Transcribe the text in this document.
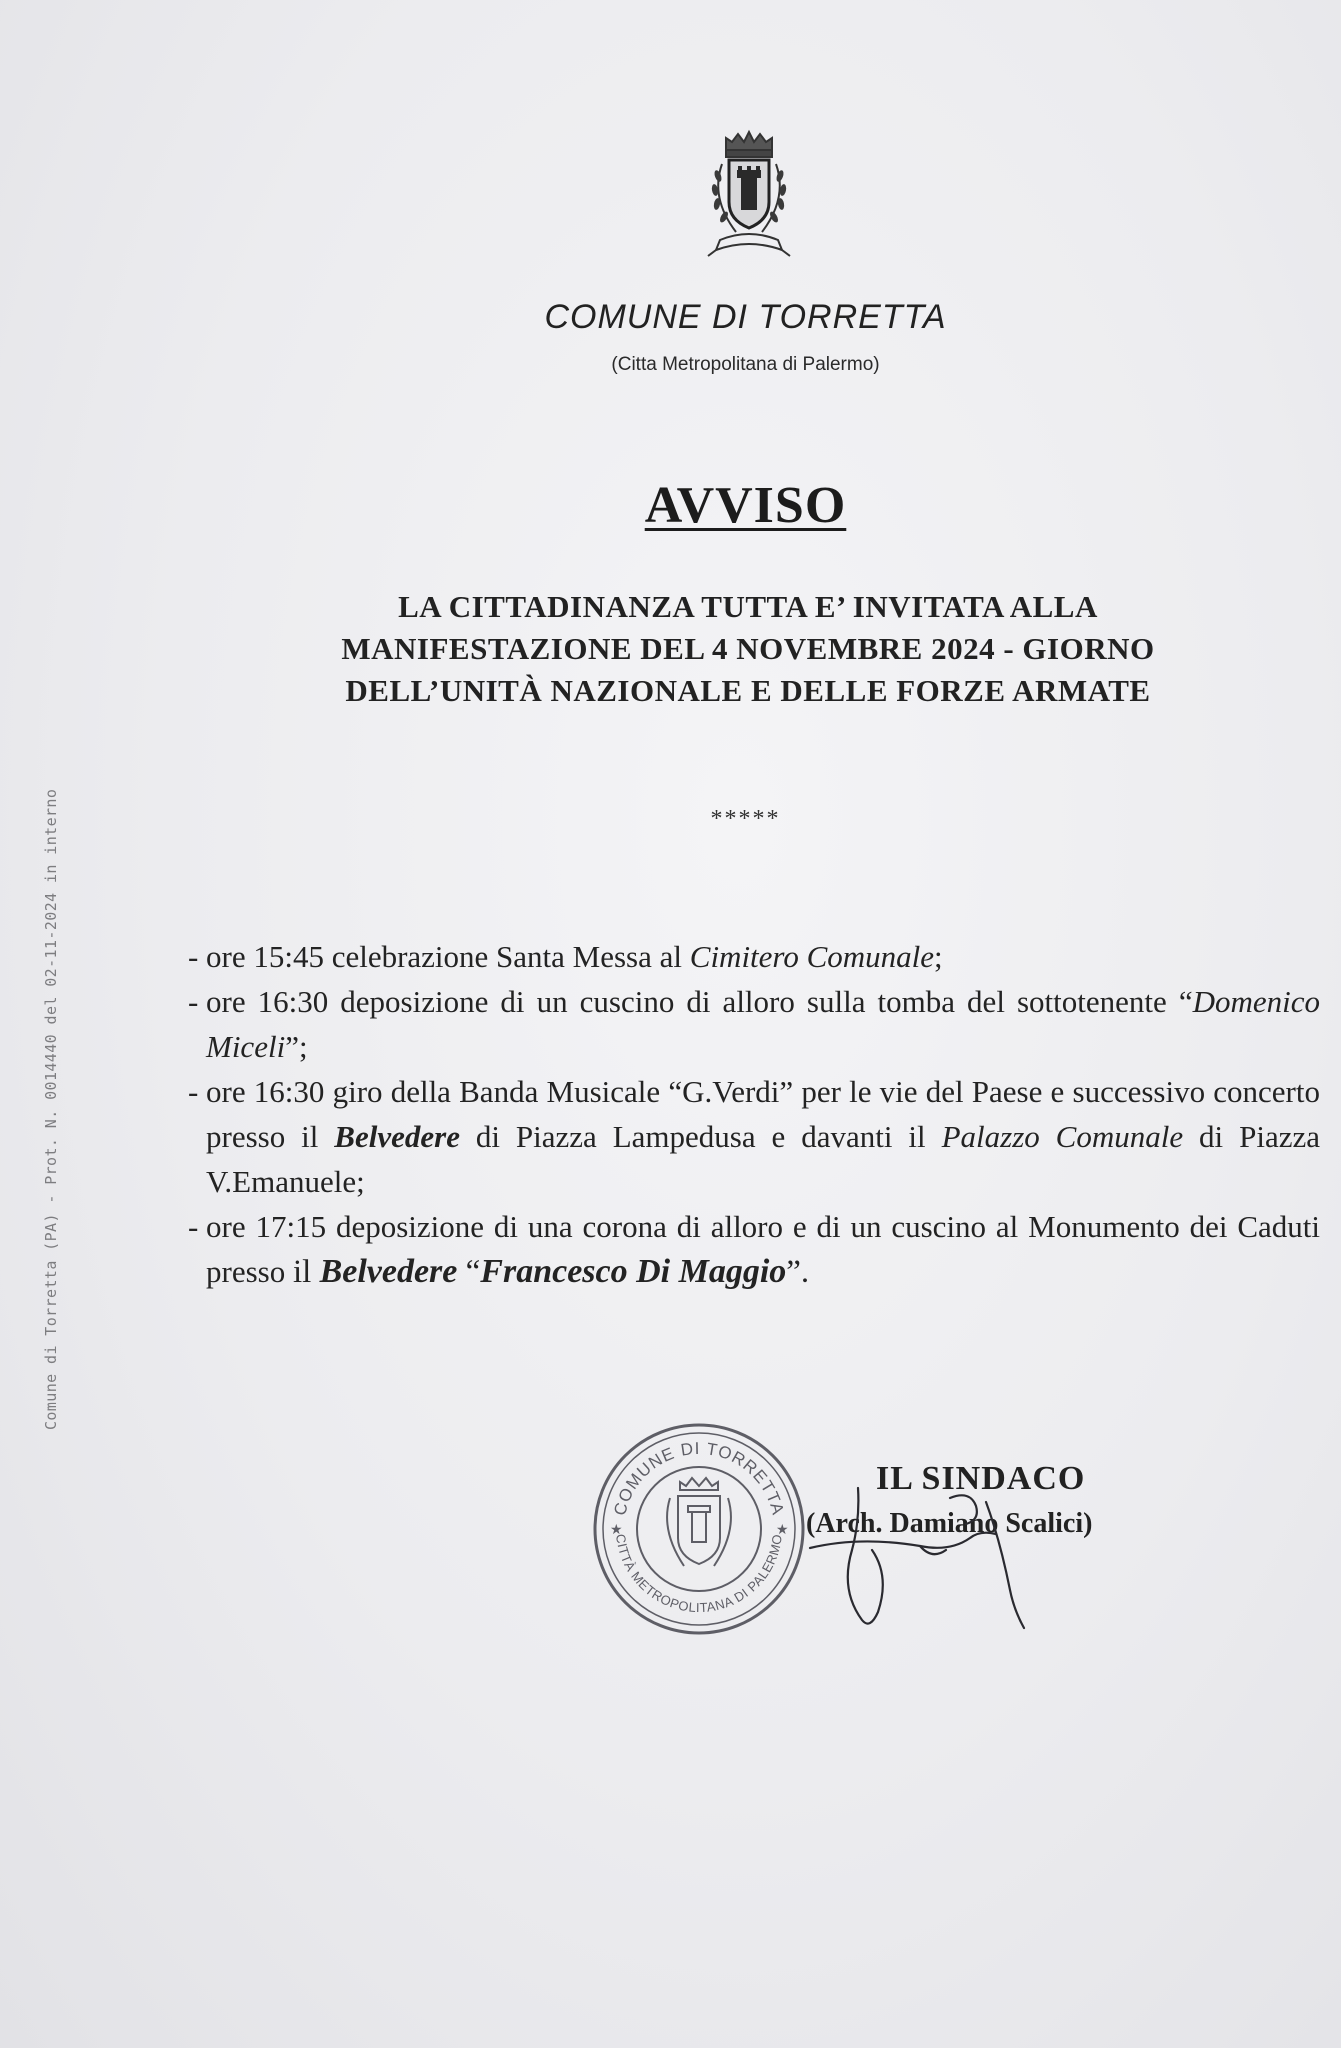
Comune di Torretta (PA) - Prot. N. 0014440 del 02-11-2024 in interno
COMUNE DI TORRETTA
(Citta Metropolitana di Palermo)
AVVISO
LA CITTADINANZA TUTTA E’ INVITATA ALLA
MANIFESTAZIONE DEL 4 NOVEMBRE 2024 - GIORNO
DELL’UNITÀ NAZIONALE E DELLE FORZE ARMATE
*****
- ore 15:45 celebrazione Santa Messa al Cimitero Comunale;
- ore 16:30 deposizione di un cuscino di alloro sulla tomba del sottotenente “Domenico Miceli”;
- ore 16:30 giro della Banda Musicale “G.Verdi” per le vie del Paese e successivo concerto presso il Belvedere di Piazza Lampedusa e davanti il Palazzo Comunale di Piazza V.Emanuele;
- ore 17:15 deposizione di una corona di alloro e di un cuscino al Monumento dei Caduti presso il Belvedere “Francesco Di Maggio”.
COMUNE DI TORRETTA
CITTÀ METROPOLITANA DI PALERMO
★	★
IL SINDACO
(Arch. Damiano Scalici)
